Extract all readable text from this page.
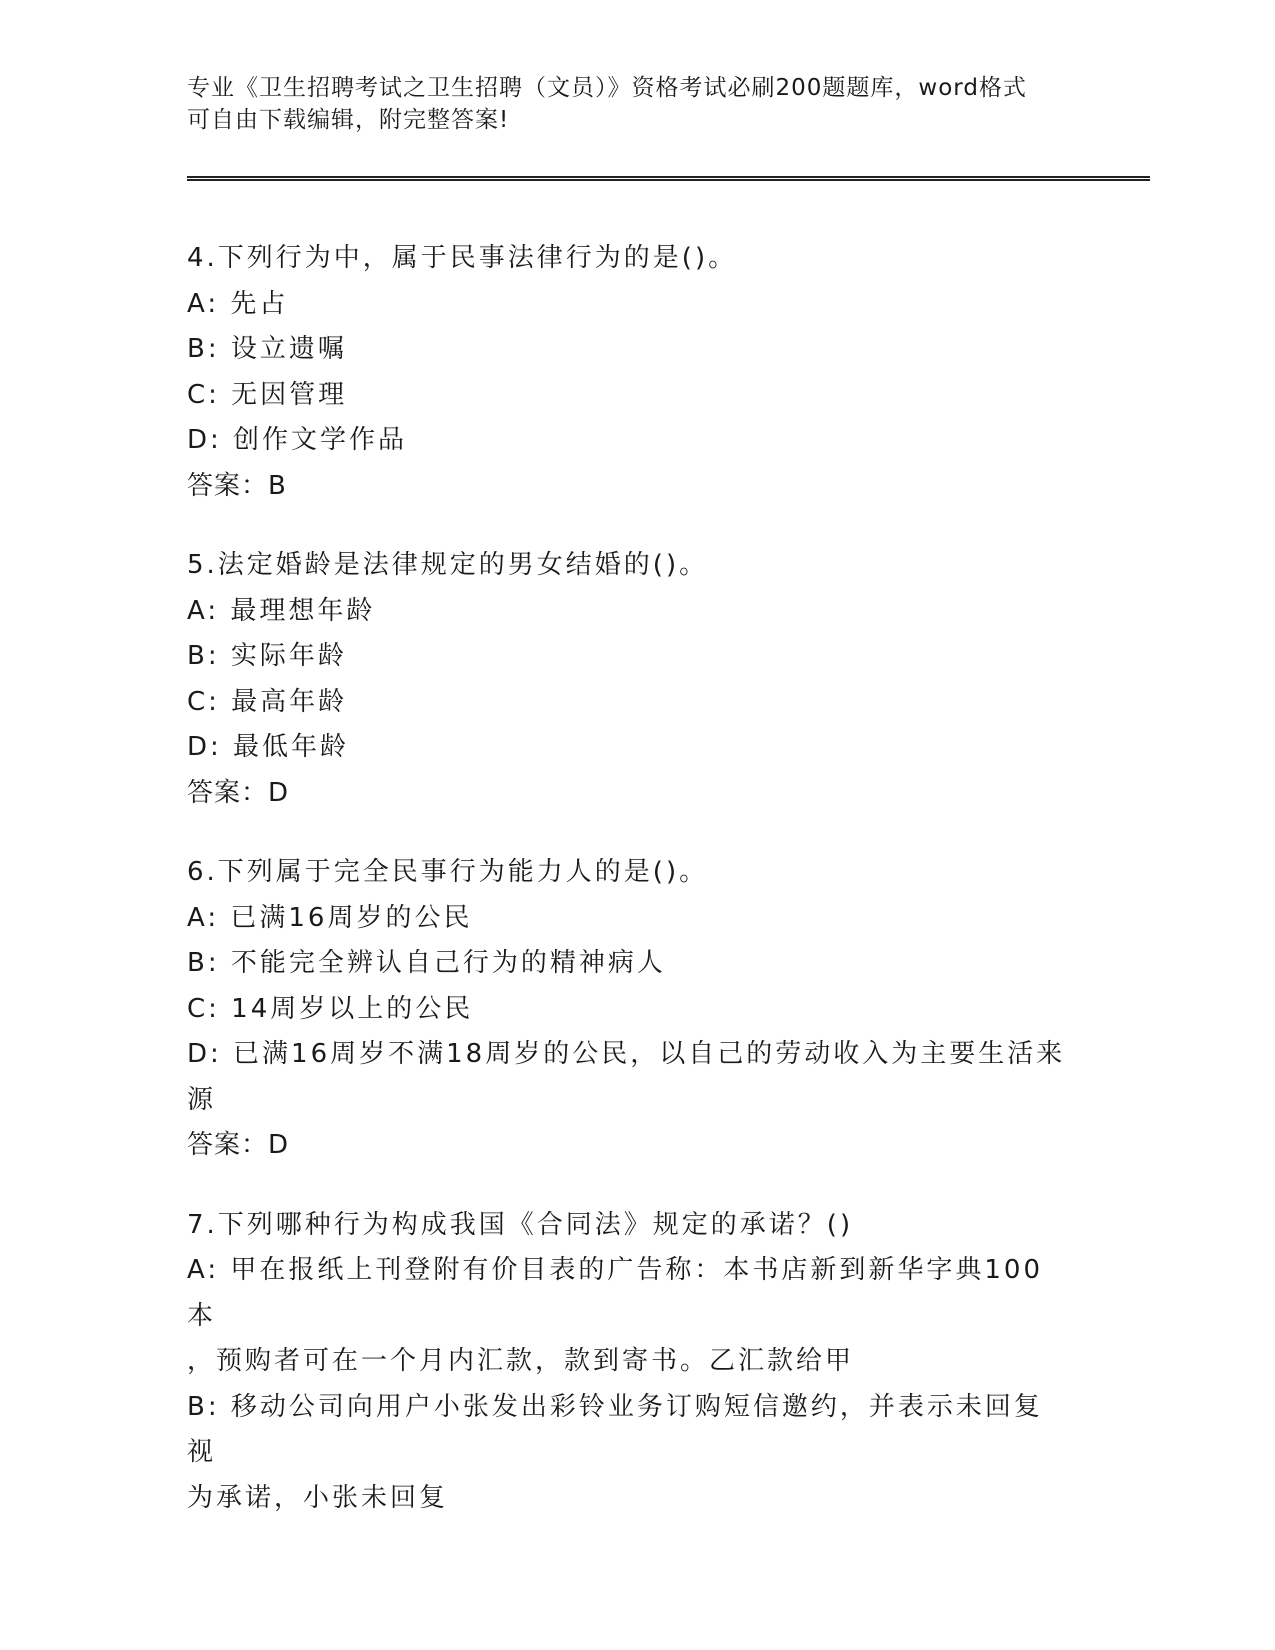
专业《卫生招聘考试之卫生招聘（文员）》资格考试必刷200题题库，word格式
可自由下载编辑，附完整答案!
4.下列行为中，属于民事法律行为的是()。
A: 先占
B: 设立遗嘱
C: 无因管理
D: 创作文学作品
答案：B
5.法定婚龄是法律规定的男女结婚的()。
A: 最理想年龄
B: 实际年龄
C: 最高年龄
D: 最低年龄
答案：D
6.下列属于完全民事行为能力人的是()。
A: 已满16周岁的公民
B: 不能完全辨认自己行为的精神病人
C: 14周岁以上的公民
D: 已满16周岁不满18周岁的公民，以自己的劳动收入为主要生活来
源
答案：D
7.下列哪种行为构成我国《合同法》规定的承诺？()
A: 甲在报纸上刊登附有价目表的广告称：本书店新到新华字典100本
，预购者可在一个月内汇款，款到寄书。乙汇款给甲
B: 移动公司向用户小张发出彩铃业务订购短信邀约，并表示未回复视
为承诺，小张未回复
